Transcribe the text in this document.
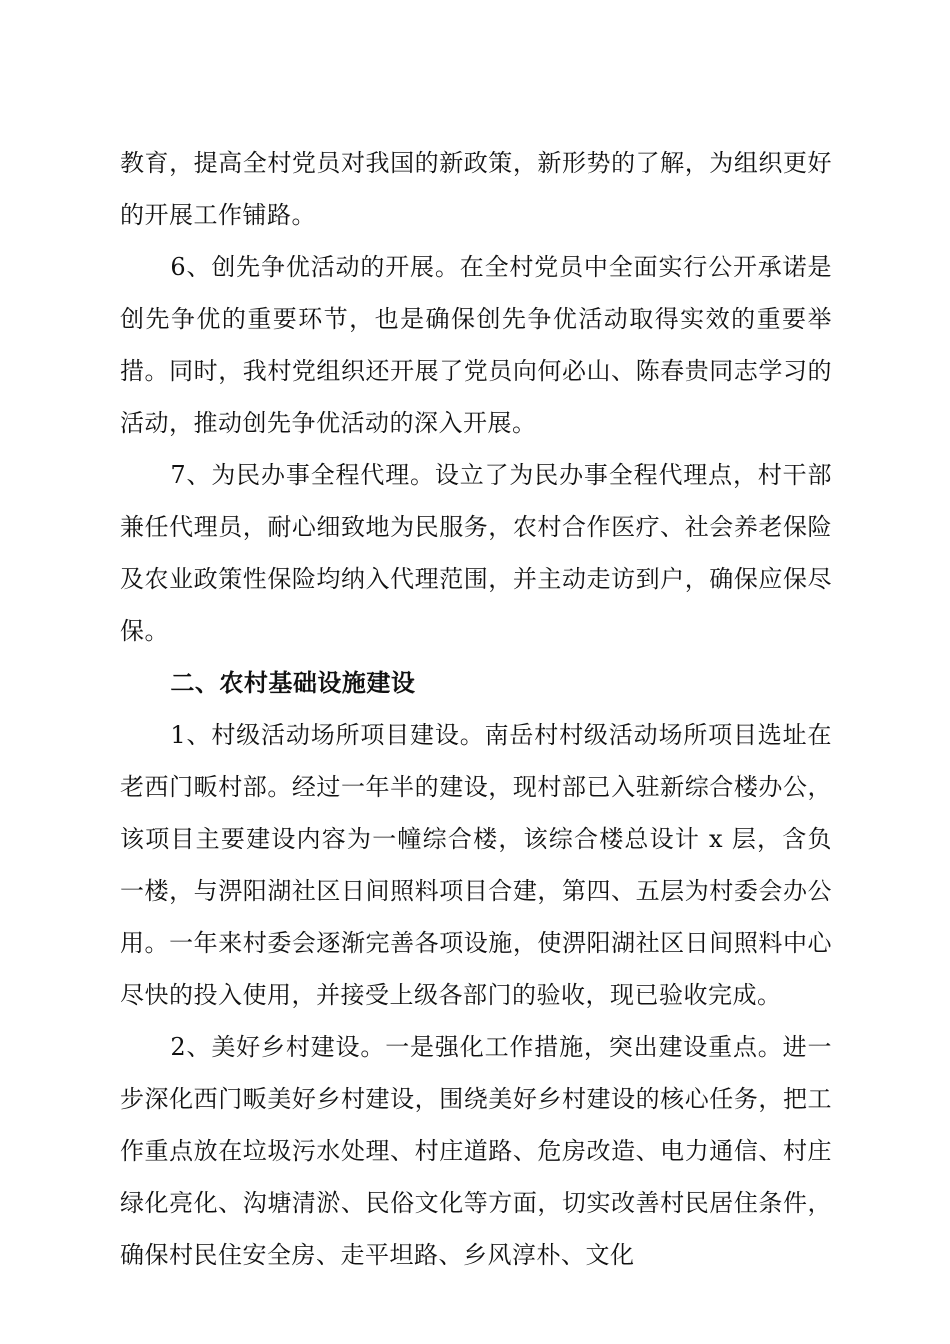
教育，提高全村党员对我国的新政策，新形势的了解，为组织更好的开展工作铺路。

6、创先争优活动的开展。在全村党员中全面实行公开承诺是创先争优的重要环节，也是确保创先争优活动取得实效的重要举措。同时，我村党组织还开展了党员向何必山、陈春贵同志学习的活动，推动创先争优活动的深入开展。

7、为民办事全程代理。设立了为民办事全程代理点，村干部兼任代理员，耐心细致地为民服务，农村合作医疗、社会养老保险及农业政策性保险均纳入代理范围，并主动走访到户，确保应保尽保。

二、农村基础设施建设

1、村级活动场所项目建设。南岳村村级活动场所项目选址在老西门畈村部。经过一年半的建设，现村部已入驻新综合楼办公，该项目主要建设内容为一幢综合楼，该综合楼总设计 x 层，含负一楼，与淠阳湖社区日间照料项目合建，第四、五层为村委会办公用。一年来村委会逐渐完善各项设施，使淠阳湖社区日间照料中心尽快的投入使用，并接受上级各部门的验收，现已验收完成。

2、美好乡村建设。一是强化工作措施，突出建设重点。进一步深化西门畈美好乡村建设，围绕美好乡村建设的核心任务，把工作重点放在垃圾污水处理、村庄道路、危房改造、电力通信、村庄绿化亮化、沟塘清淤、民俗文化等方面，切实改善村民居住条件，确保村民住安全房、走平坦路、乡风淳朴、文化
